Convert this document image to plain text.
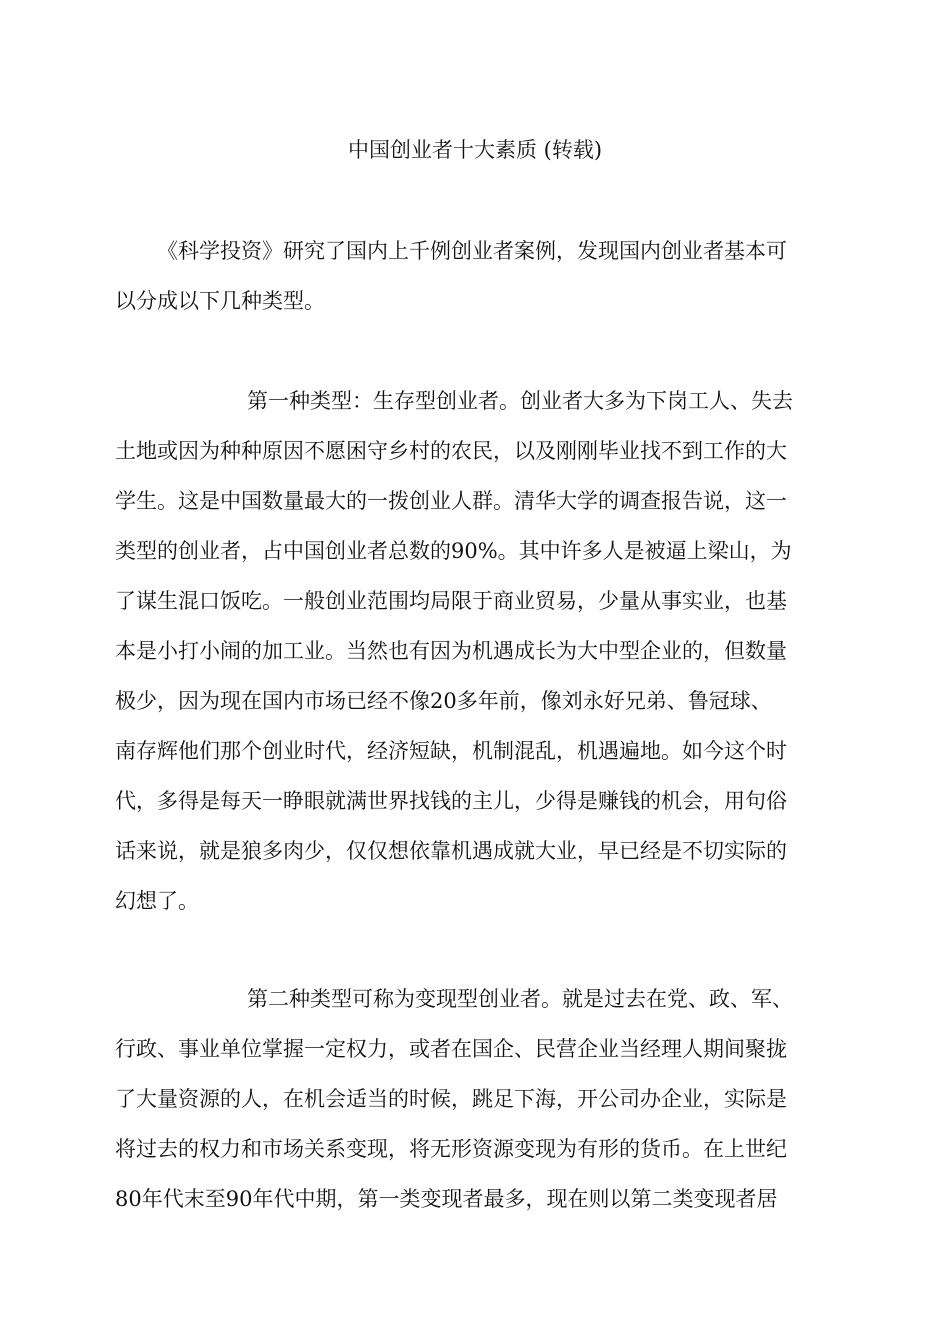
中国创业者十大素质 (转载)
《科学投资》研究了国内上千例创业者案例，发现国内创业者基本可
以分成以下几种类型。
第一种类型：生存型创业者。创业者大多为下岗工人、失去
土地或因为种种原因不愿困守乡村的农民，以及刚刚毕业找不到工作的大
学生。这是中国数量最大的一拨创业人群。清华大学的调查报告说，这一
类型的创业者，占中国创业者总数的90%。其中许多人是被逼上梁山，为
了谋生混口饭吃。一般创业范围均局限于商业贸易，少量从事实业，也基
本是小打小闹的加工业。当然也有因为机遇成长为大中型企业的，但数量
极少，因为现在国内市场已经不像20多年前，像刘永好兄弟、鲁冠球、
南存辉他们那个创业时代，经济短缺，机制混乱，机遇遍地。如今这个时
代，多得是每天一睁眼就满世界找钱的主儿，少得是赚钱的机会，用句俗
话来说，就是狼多肉少，仅仅想依靠机遇成就大业，早已经是不切实际的
幻想了。
第二种类型可称为变现型创业者。就是过去在党、政、军、
行政、事业单位掌握一定权力，或者在国企、民营企业当经理人期间聚拢
了大量资源的人，在机会适当的时候，跳足下海，开公司办企业，实际是
将过去的权力和市场关系变现，将无形资源变现为有形的货币。在上世纪
80年代末至90年代中期，第一类变现者最多，现在则以第二类变现者居
